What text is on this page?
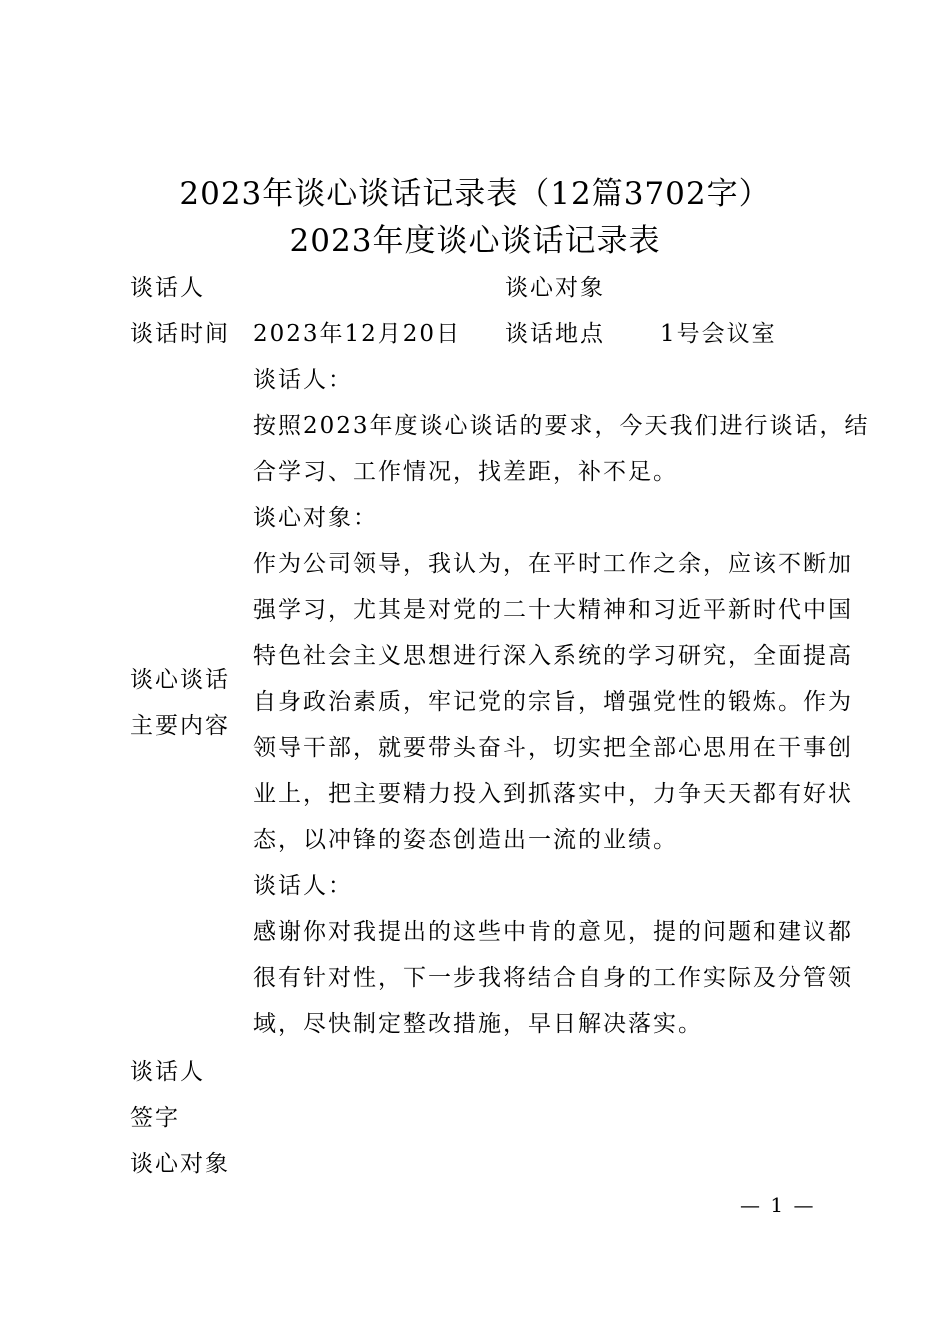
2023年谈心谈话记录表（12篇3702字）
2023年度谈心谈话记录表
谈话人	谈心对象
谈话时间 2023年12月20日 谈话地点 1号会议室
谈心谈话
主要内容
谈话人：
按照2023年度谈心谈话的要求，今天我们进行谈话，结
合学习、工作情况，找差距，补不足。
谈心对象：
作为公司领导，我认为，在平时工作之余，应该不断加
强学习，尤其是对党的二十大精神和习近平新时代中国
特色社会主义思想进行深入系统的学习研究，全面提高
自身政治素质，牢记党的宗旨，增强党性的锻炼。作为
领导干部，就要带头奋斗，切实把全部心思用在干事创
业上，把主要精力投入到抓落实中，力争天天都有好状
态，以冲锋的姿态创造出一流的业绩。
谈话人：
感谢你对我提出的这些中肯的意见，提的问题和建议都
很有针对性，下一步我将结合自身的工作实际及分管领
域，尽快制定整改措施，早日解决落实。
谈话人
签字
谈心对象
— 1 —
